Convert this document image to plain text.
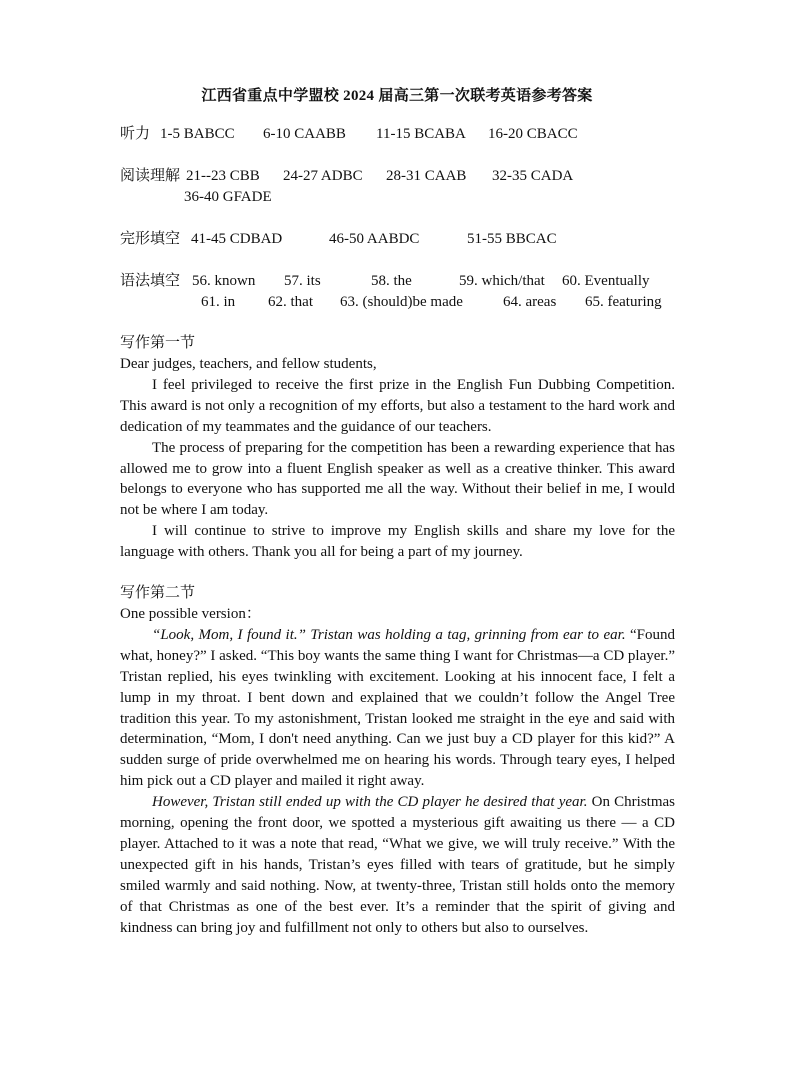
江西省重点中学盟校 2024 届高三第一次联考英语参考答案
听力 1-5 BABCC 6-10 CAABB 11-15 BCABA 16-20 CBACC
阅读理解 21--23 CBB 24-27 ADBC 28-31 CAAB 32-35 CADA
36-40 GFADE
完形填空 41-45 CDBAD	46-50 AABDC	51-55 BBCAC
语法填空 56. known 57. its	58. the	59. which/that 60. Eventually
61. in 62. that 63. (should)be made	64. areas 65. featuring
写作第一节

Dear judges, teachers, and fellow students,

I feel privileged to receive the first prize in the English Fun Dubbing Competition. This award is not only a recognition of my efforts, but also a testament to the hard work and dedication of my teammates and the guidance of our teachers.

The process of preparing for the competition has been a rewarding experience that has allowed me to grow into a fluent English speaker as well as a creative thinker. This award belongs to everyone who has supported me all the way. Without their belief in me, I would not be where I am today.

I will continue to strive to improve my English skills and share my love for the language with others. Thank you all for being a part of my journey.

写作第二节

One possible version：

“Look, Mom, I found it.” Tristan was holding a tag, grinning from ear to ear. “Found what, honey?” I asked. “This boy wants the same thing I want for Christmas—a CD player.” Tristan replied, his eyes twinkling with excitement. Looking at his innocent face, I felt a lump in my throat. I bent down and explained that we couldn’t follow the Angel Tree tradition this year. To my astonishment, Tristan looked me straight in the eye and said with determination, “Mom, I don't need anything. Can we just buy a CD player for this kid?” A sudden surge of pride overwhelmed me on hearing his words. Through teary eyes, I helped him pick out a CD player and mailed it right away.

However, Tristan still ended up with the CD player he desired that year. On Christmas morning, opening the front door, we spotted a mysterious gift awaiting us there — a CD player. Attached to it was a note that read, “What we give, we will truly receive.” With the unexpected gift in his hands, Tristan’s eyes filled with tears of gratitude, but he simply smiled warmly and said nothing. Now, at twenty-three, Tristan still holds onto the memory of that Christmas as one of the best ever. It’s a reminder that the spirit of giving and kindness can bring joy and fulfillment not only to others but also to ourselves.
